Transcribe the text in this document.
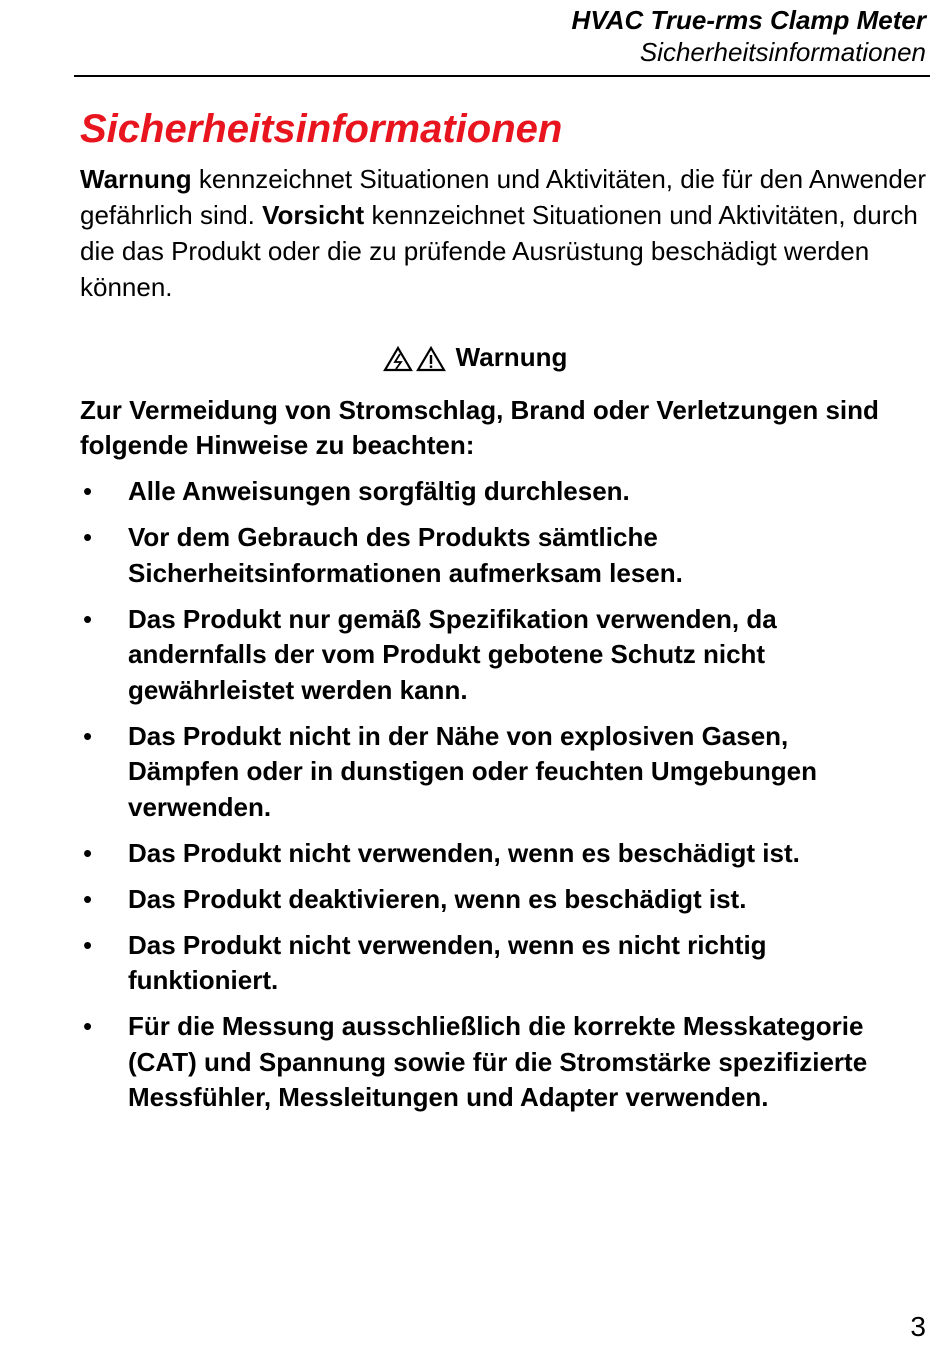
HVAC True-rms Clamp Meter
Sicherheitsinformationen
Sicherheitsinformationen

Warnung kennzeichnet Situationen und Aktivitäten, die für den Anwender gefährlich sind. Vorsicht kennzeichnet Situationen und Aktivitäten, durch die das Produkt oder die zu prüfende Ausrüstung beschädigt werden können.

Warnung

Zur Vermeidung von Stromschlag, Brand oder Verletzungen sind folgende Hinweise zu beachten:

• Alle Anweisungen sorgfältig durchlesen.
• Vor dem Gebrauch des Produkts sämtliche Sicherheitsinformationen aufmerksam lesen.
• Das Produkt nur gemäß Spezifikation verwenden, da andernfalls der vom Produkt gebotene Schutz nicht gewährleistet werden kann.
• Das Produkt nicht in der Nähe von explosiven Gasen, Dämpfen oder in dunstigen oder feuchten Umgebungen verwenden.
• Das Produkt nicht verwenden, wenn es beschädigt ist.
• Das Produkt deaktivieren, wenn es beschädigt ist.
• Das Produkt nicht verwenden, wenn es nicht richtig funktioniert.
• Für die Messung ausschließlich die korrekte Messkategorie (CAT) und Spannung sowie für die Stromstärke spezifizierte Messfühler, Messleitungen und Adapter verwenden.
3
